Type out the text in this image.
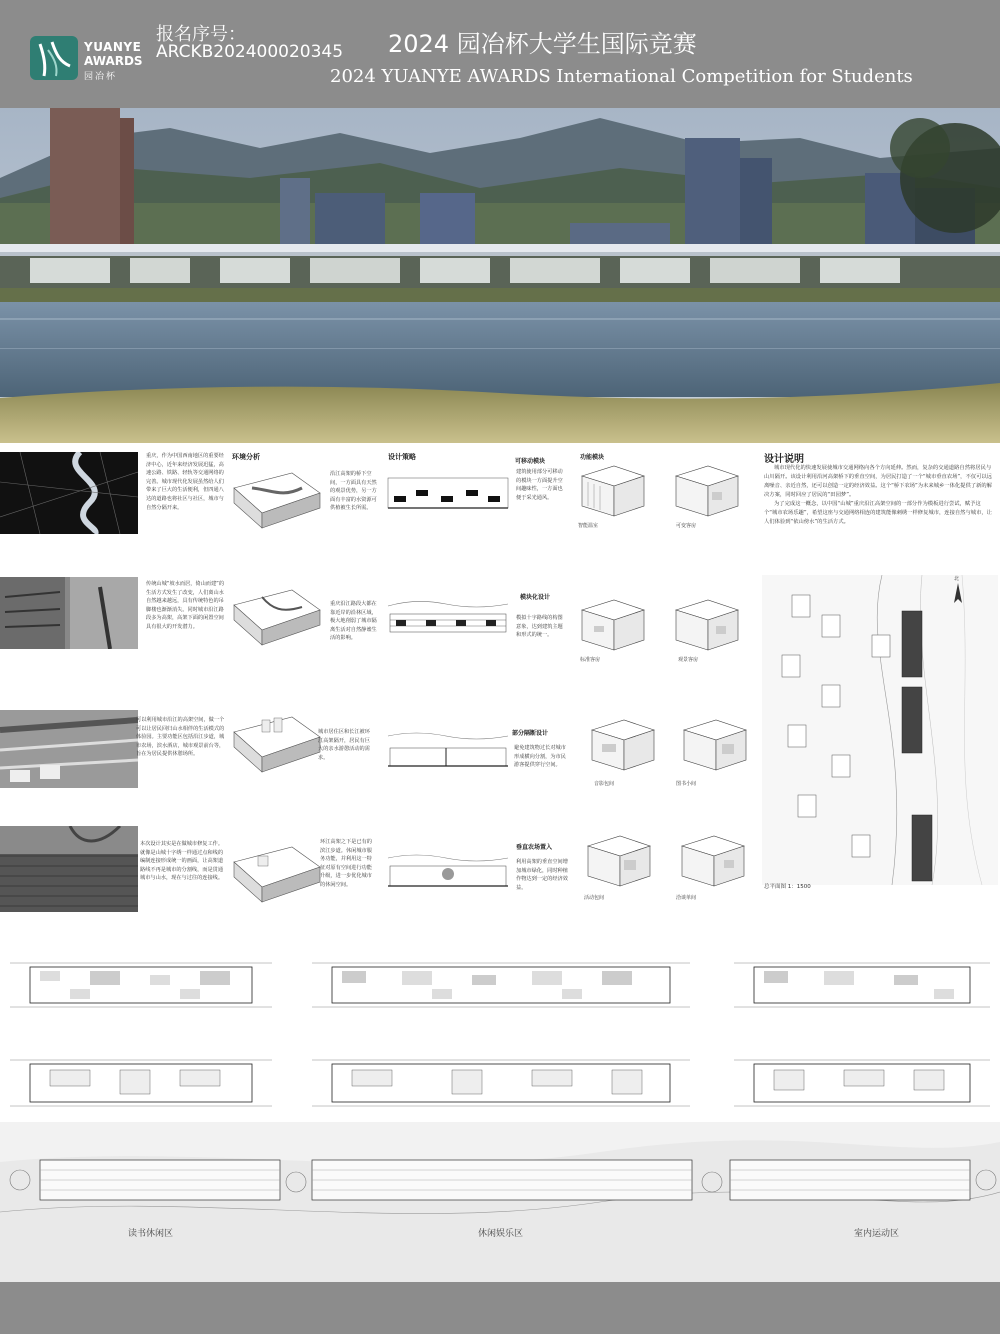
YUANYE
AWARDS
园冶杯
报名序号：
ARCKB202400020345 2024 园冶杯大学生国际竞赛
2024 YUANYE AWARDS International Competition for Students
重庆，作为中国西南地区的重要经济中心，近年来经济发展迅猛，高速公路、铁路、轻轨等交通网络的完善。城市现代化发展虽然给人们带来了巨大的生活便利，但四通八达的道路也将社区与社区，城市与自然分隔开来。
环境分析
沿江高架的桥下空间，一方面具有天然的观景优势，另一方面有丰富的水资源可供植被生长所需。
设计策略
可移动模块
建筑使用部分可移动的模块一方面提升空间趣味性，一方面也便于采光通风。
功能模块
智能温室	可变客房
传统山城“坡水而居，倚山而建”的生活方式发生了改变，人们离山水自然越来越远，具有传统特色的吊脚楼也渐渐消失。同时城市沿江路段多为高架，高架下面的闲置空间具有很大的开发潜力。
重庆沿江路段大都在靠近岸的沿林区域，极大地削弱了城市隔离生活对自然静谧生活的影响。
模块化设计
模拟十字路线的构图意象，达到建筑主题和形式的统一。
标准客房	观景客房
可以利用城市沿江的高架空间，做一个可以让居民回归山水相伴的生活模式的体验园。主要功能区包括沿江步道，城市农场，滨水酒店，城市观景前台等，旨在为居民提供休憩场所。
城市居住区和长江被环江高架隔开，居民有巨大的亲水游憩活动的需求。
部分隔断设计
避免建筑物过长对城市形成横向分割，为市民游客提供穿行空间。
音影包间	图书小间
本次设计其实是在做城市修复工作。就像是山城十字绣一样通过点和线的编制连接形成统一的画面，让高架道路线不再是城市的分割线，而是贯通城市与山水，现在与过往的连接线。
环江高架之下是已有的滨江步道。休闲城市服务功能，并利用这一特征对原有空间进行功能升级，进一步优化城市的休闲空间。
垂直农场置入
利用高架的垂直空间增加城市绿化，同时种植作物达到一定的经济效益。
活动包间	洽谈单间
设计说明
城市现代化的快速发展使城市交通网络向各个方向延伸。然而，复杂的交通道路自然将居民与山川隔开。该设计利用沿河高架桥下的垂直空间，为居民打造了一个“城市垂直农场”，不仅可以远离噪音、亲近自然，还可以创造一定的经济效益。这个“桥下农场”为未来城乡一体化提供了新的解决方案，同时回应了居民的“田园梦”。
为了完成这一概念，以中国“山城”重庆沿江高架空间的一部分作为模板进行尝试，赋予这个“城市农场乐趣”，希望这座与交通网络相连的建筑能像刺绣一样修复城市，连接自然与城市，让人们体验到“依山傍水”的生活方式。
北
总平面图 1：1500
读书休闲区	休闲娱乐区	室内运动区
